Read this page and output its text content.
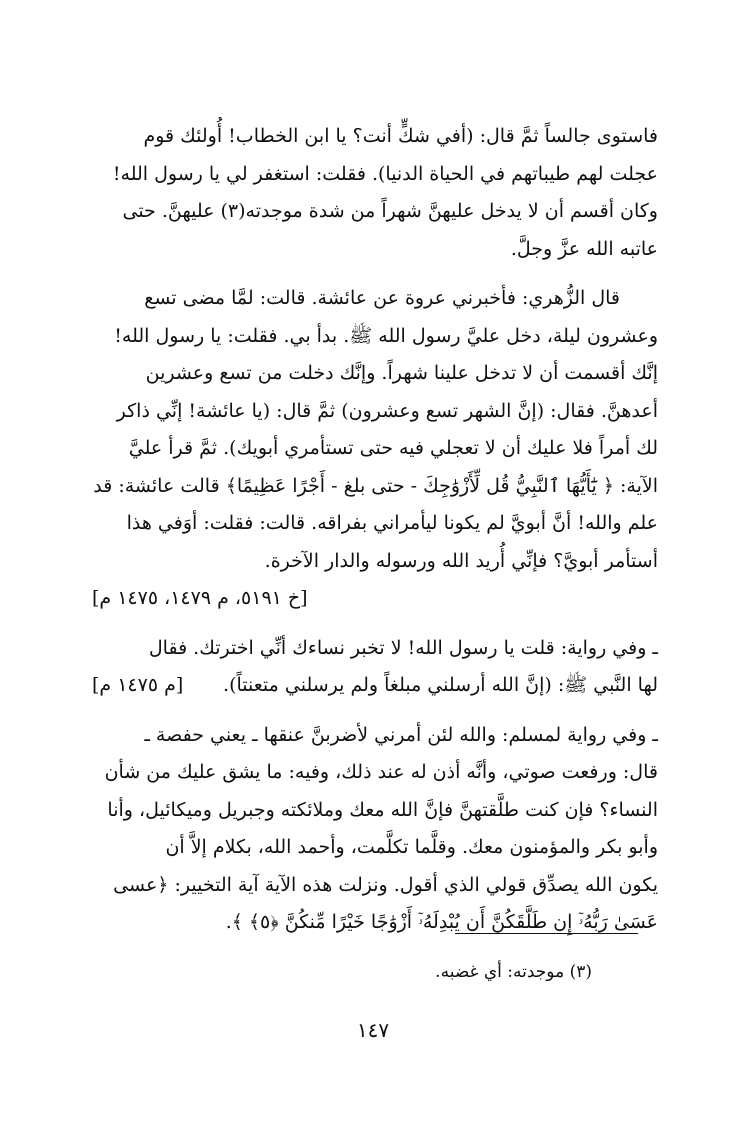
فاستوى جالساً ثمَّ قال: (أفي شكٍّ أنت؟ يا ابن الخطاب! أُولئك قوم
عجلت لهم طيباتهم في الحياة الدنيا). فقلت: استغفر لي يا رسول الله!
وكان أقسم أن لا يدخل عليهنَّ شهراً من شدة موجدته(٣) عليهنَّ. حتى
عاتبه الله عزَّ وجلَّ.
قال الزُّهري: فأخبرني عروة عن عائشة. قالت: لمَّا مضى تسع
وعشرون ليلة، دخل عليَّ رسول الله ﷺ. بدأ بي. فقلت: يا رسول الله!
إنَّك أقسمت أن لا تدخل علينا شهراً. وإنَّك دخلت من تسع وعشرين
أعدهنَّ. فقال: (إنَّ الشهر تسع وعشرون) ثمَّ قال: (يا عائشة! إنِّي ذاكر
لك أمراً فلا عليك أن لا تعجلي فيه حتى تستأمري أبويك). ثمَّ قرأ عليَّ
الآية: ﴿ يَٰٓأَيُّهَا ٱلنَّبِيُّ قُل لِّأَزْوَٰجِكَ - حتى بلغ - أَجْرًا عَظِيمًا﴾ قالت عائشة: قد
علم والله! أنَّ أبويَّ لم يكونا ليأمراني بفراقه. قالت: فقلت: أوَفي هذا
أستأمر أبويَّ؟ فإنِّي أُريد الله ورسوله والدار الآخرة.
[خ ٥١٩١، م ١٤٧٩، ١٤٧٥ م]
ـ وفي رواية: قلت يا رسول الله! لا تخبر نساءك أنِّي اخترتك. فقال
[م ١٤٧٥ م] لها النَّبي ﷺ: (إنَّ الله أرسلني مبلغاً ولم يرسلني متعنتاً).
ـ وفي رواية لمسلم: والله لئن أمرني لأضربنَّ عنقها ـ يعني حفصة ـ
قال: ورفعت صوتي، وأنَّه أذن له عند ذلك، وفيه: ما يشق عليك من شأن
النساء؟ فإن كنت طلَّقتهنَّ فإنَّ الله معك وملائكته وجبريل وميكائيل، وأنا
وأبو بكر والمؤمنون معك. وقلَّما تكلَّمت، وأحمد الله، بكلام إلاَّ أن
يكون الله يصدِّق قولي الذي أقول. ونزلت هذه الآية آية التخيير: ﴿عسى
عَسَىٰ رَبُّهُۥٓ إِن طَلَّقَكُنَّ أَن يُبْدِلَهُۥٓ أَزْوَٰجًا خَيْرًا مِّنكُنَّ ﴿٥﴾ ﴾.
(٣) موجدته: أي غضبه.
١٤٧
